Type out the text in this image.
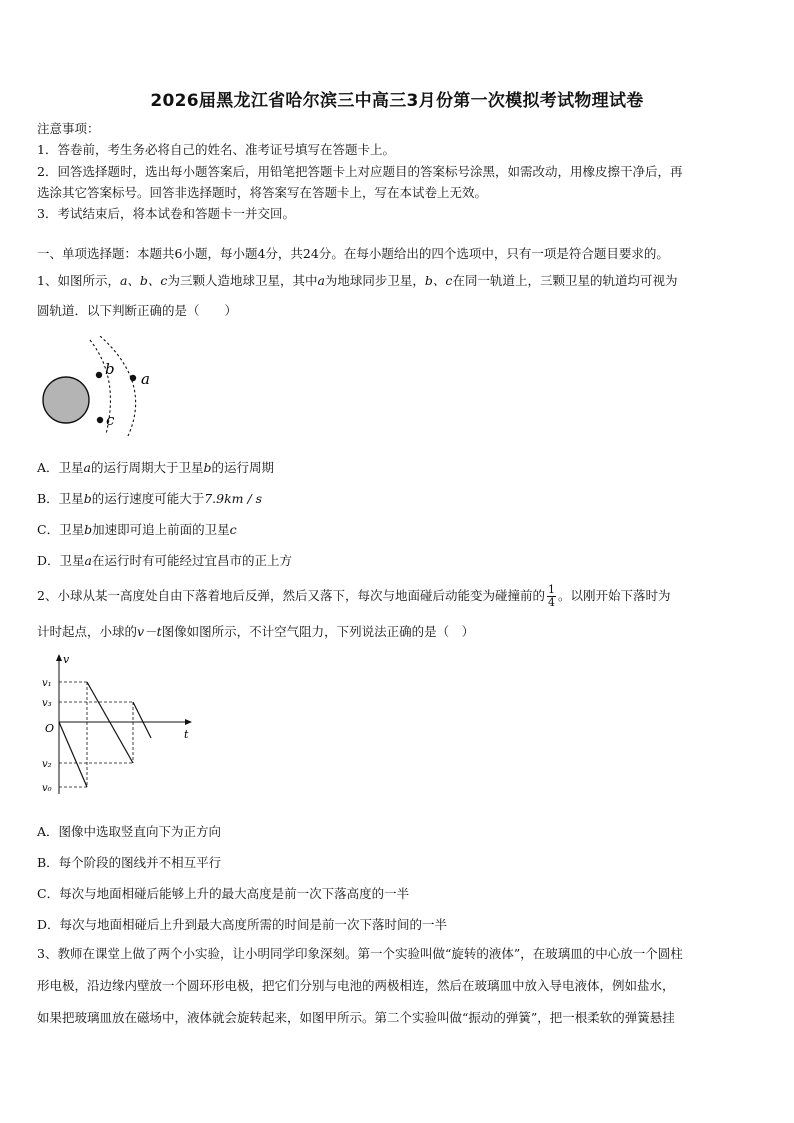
2026届黑龙江省哈尔滨三中高三3月份第一次模拟考试物理试卷
注意事项：
1．答卷前，考生务必将自己的姓名、准考证号填写在答题卡上。
2．回答选择题时，选出每小题答案后，用铅笔把答题卡上对应题目的答案标号涂黑，如需改动，用橡皮擦干净后，再
选涂其它答案标号。回答非选择题时，将答案写在答题卡上，写在本试卷上无效。
3．考试结束后，将本试卷和答题卡一并交回。
一、单项选择题：本题共6小题，每小题4分，共24分。在每小题给出的四个选项中，只有一项是符合题目要求的。
1、如图所示，a、b、c为三颗人造地球卫星，其中a为地球同步卫星，b、c在同一轨道上，三颗卫星的轨道均可视为
圆轨道．以下判断正确的是（　　）
b
a
c
A．卫星a的运行周期大于卫星b的运行周期
B．卫星b的运行速度可能大于7.9km / s
C．卫星b加速即可追上前面的卫星c
D．卫星a在运行时有可能经过宜昌市的正上方
2、小球从某一高度处自由下落着地后反弹，然后又落下，每次与地面碰后动能变为碰撞前的 $\frac{1}{4}$ 。以刚开始下落时为
计时起点，小球的v－t图像如图所示，不计空气阻力，下列说法正确的是（　）
v
t
O
v₁
v₃
v₂
v₀
A．图像中选取竖直向下为正方向
B．每个阶段的图线并不相互平行
C．每次与地面相碰后能够上升的最大高度是前一次下落高度的一半
D．每次与地面相碰后上升到最大高度所需的时间是前一次下落时间的一半
3、教师在课堂上做了两个小实验，让小明同学印象深刻。第一个实验叫做“旋转的液体”，在玻璃皿的中心放一个圆柱
形电极，沿边缘内壁放一个圆环形电极，把它们分别与电池的两极相连，然后在玻璃皿中放入导电液体，例如盐水，
如果把玻璃皿放在磁场中，液体就会旋转起来，如图甲所示。第二个实验叫做“振动的弹簧”，把一根柔软的弹簧悬挂
